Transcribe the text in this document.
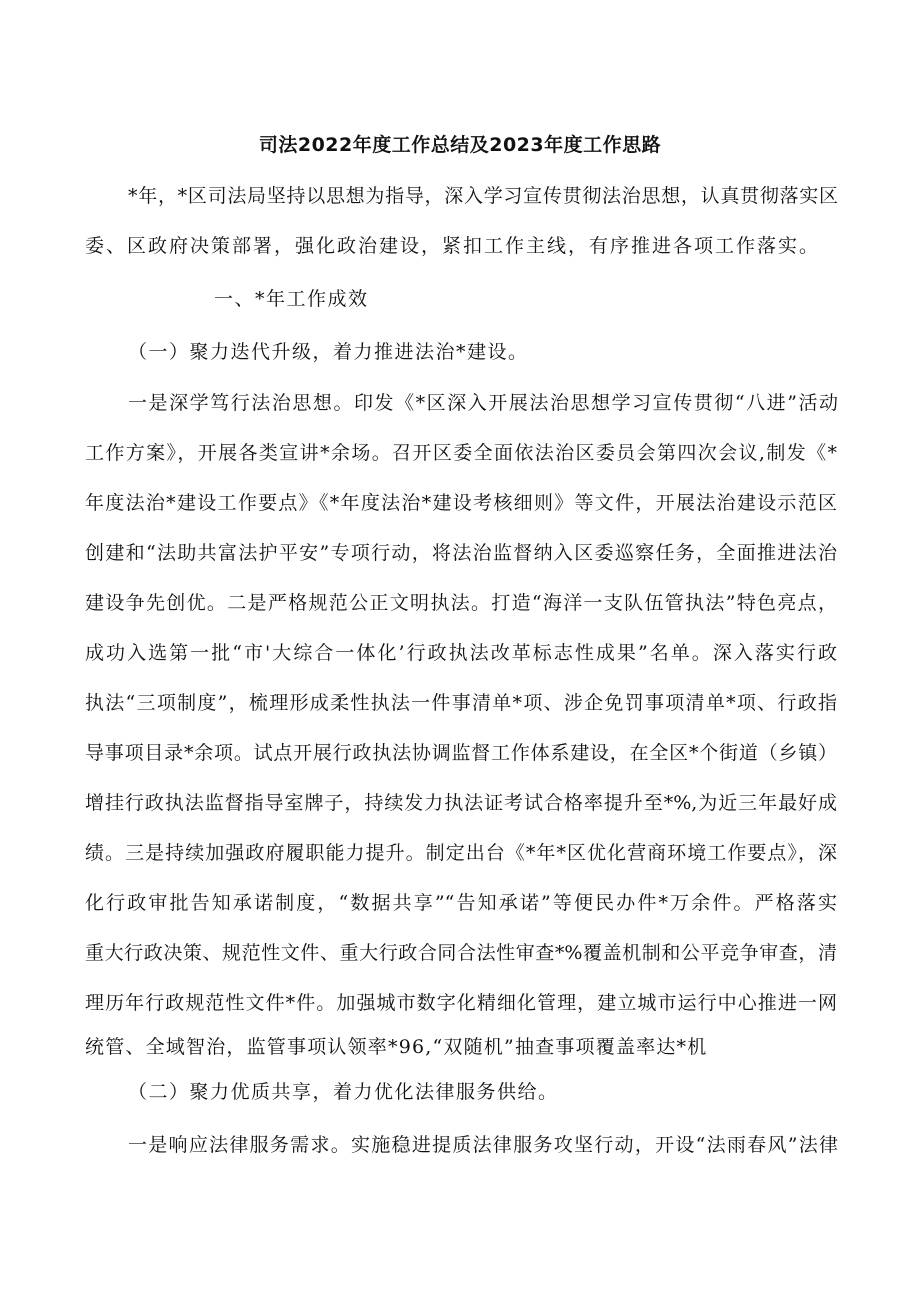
司法2022年度工作总结及2023年度工作思路
*年，*区司法局坚持以思想为指导，深入学习宣传贯彻法治思想，认真贯彻落实区
委、区政府决策部署，强化政治建设，紧扣工作主线，有序推进各项工作落实。
一、*年工作成效
（一）聚力迭代升级，着力推进法治*建设。
一是深学笃行法治思想。印发《*区深入开展法治思想学习宣传贯彻“八进”活动
工作方案》，开展各类宣讲*余场。召开区委全面依法治区委员会第四次会议,制发《*
年度法治*建设工作要点》《*年度法治*建设考核细则》等文件，开展法治建设示范区
创建和“法助共富法护平安”专项行动，将法治监督纳入区委巡察任务，全面推进法治
建设争先创优。二是严格规范公正文明执法。打造“海洋一支队伍管执法”特色亮点，
成功入选第一批“市'大综合一体化’行政执法改革标志性成果”名单。深入落实行政
执法“三项制度”，梳理形成柔性执法一件事清单*项、涉企免罚事项清单*项、行政指
导事项目录*余项。试点开展行政执法协调监督工作体系建设，在全区*个街道（乡镇）
增挂行政执法监督指导室牌子，持续发力执法证考试合格率提升至*%,为近三年最好成
绩。三是持续加强政府履职能力提升。制定出台《*年*区优化营商环境工作要点》，深
化行政审批告知承诺制度，“数据共享”“告知承诺”等便民办件*万余件。严格落实
重大行政决策、规范性文件、重大行政合同合法性审查*%覆盖机制和公平竞争审查，清
理历年行政规范性文件*件。加强城市数字化精细化管理，建立城市运行中心推进一网
统管、全域智治，监管事项认领率*96,“双随机”抽查事项覆盖率达*机
（二）聚力优质共享，着力优化法律服务供给。
一是响应法律服务需求。实施稳进提质法律服务攻坚行动，开设“法雨春风”法律
